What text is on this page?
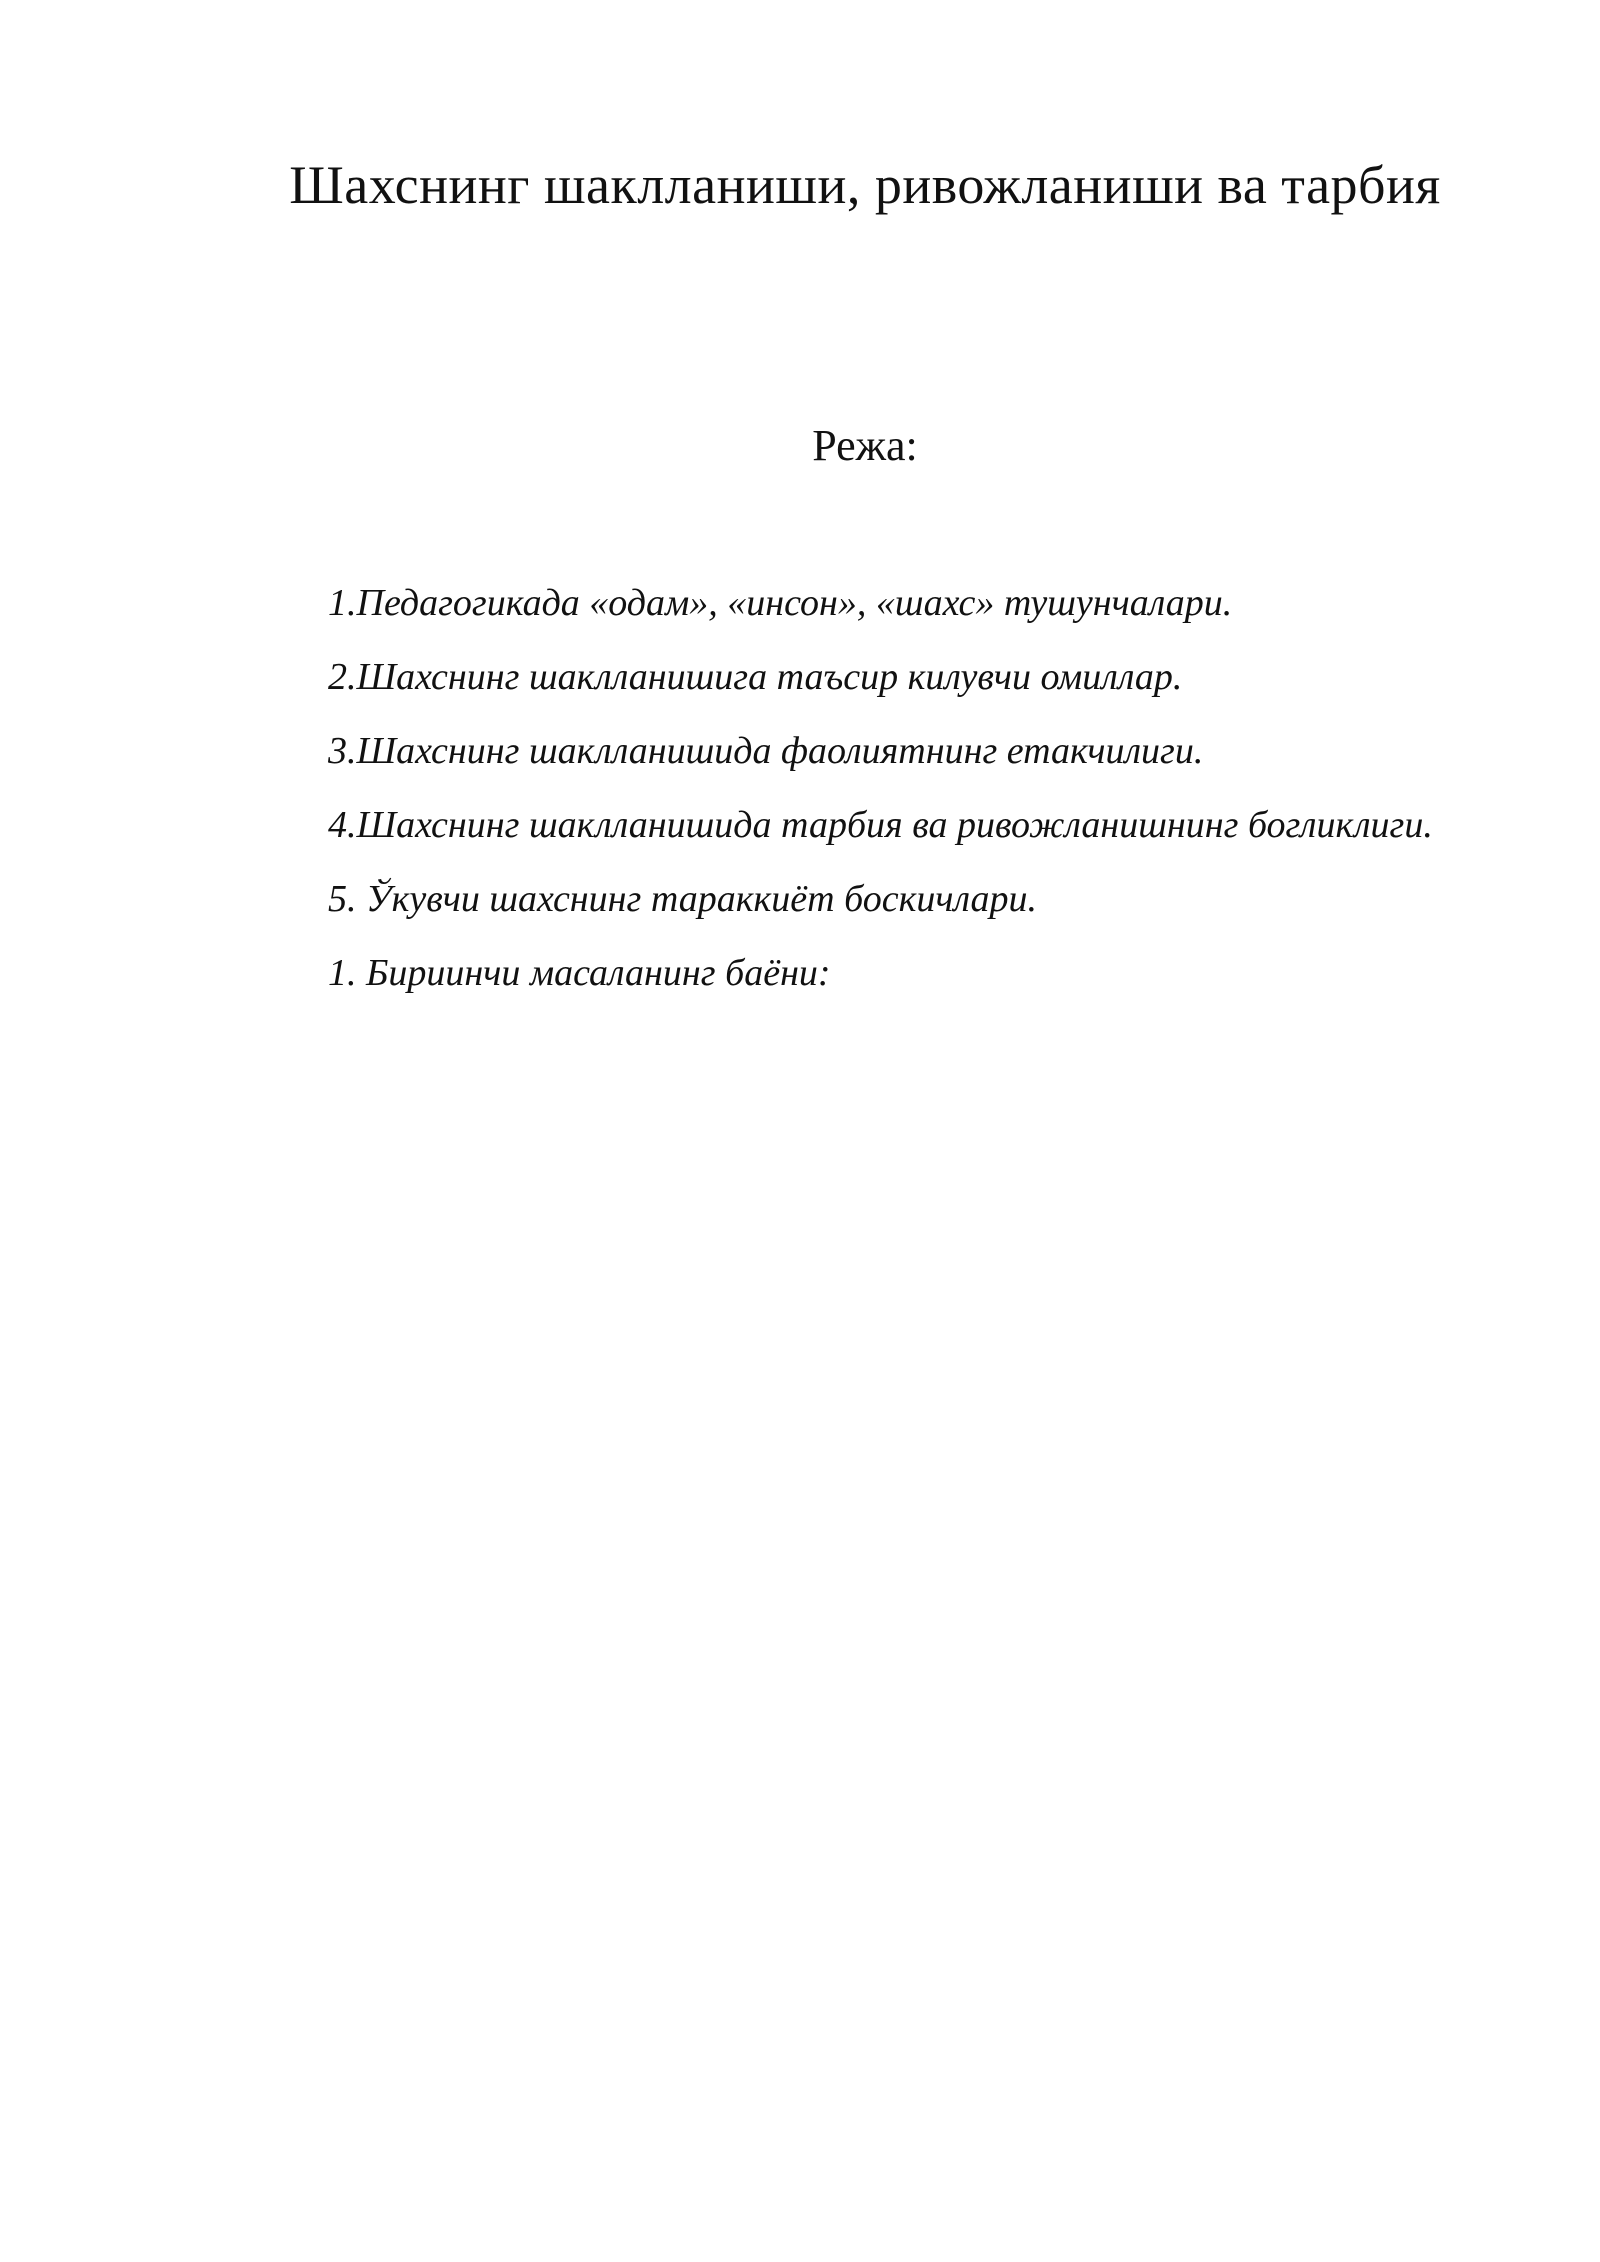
Шахснинг шаклланиши, ривожланиши ва тарбия
Режа:
1.Педагогикада «одам», «инсон», «шахс» тушунчалари.
2.Шахснинг шаклланишига таъсир килувчи омиллар.
3.Шахснинг шаклланишида фаолиятнинг етакчилиги.
4.Шахснинг шаклланишида тарбия ва ривожланишнинг богликлиги.
5. Ўкувчи шахснинг тараккиёт боскичлари.
1. Бириинчи масаланинг баёни:
